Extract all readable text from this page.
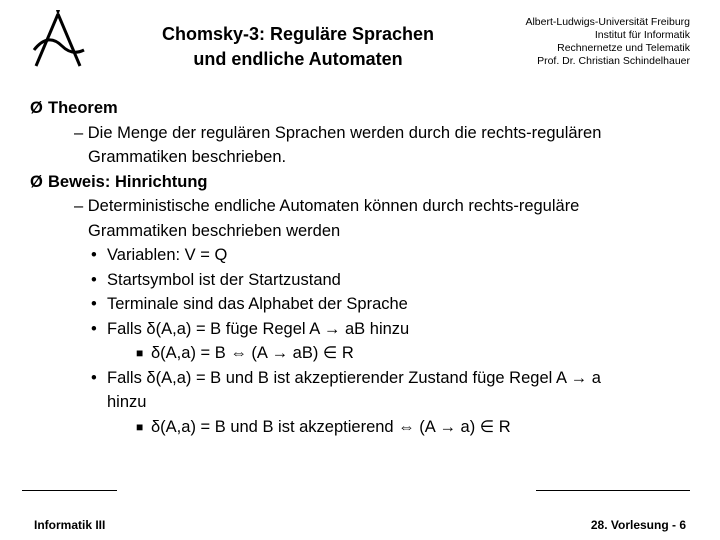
Chomsky-3: Reguläre Sprachen
und endliche Automaten
Albert-Ludwigs-Universität Freiburg
Institut für Informatik
Rechnernetze und Telematik
Prof. Dr. Christian Schindelhauer
Ø Theorem
– Die Menge der regulären Sprachen werden durch die rechts-regulären
Grammatiken beschrieben.
Ø Beweis: Hinrichtung
– Deterministische endliche Automaten können durch rechts-reguläre
Grammatiken beschrieben werden
• Variablen: V = Q
• Startsymbol ist der Startzustand
• Terminale sind das Alphabet der Sprache
• Falls δ(A,a) = B füge Regel A → aB hinzu
■ δ(A,a) = B ⇔ (A → aB) ∈ R
• Falls δ(A,a) = B und B ist akzeptierender Zustand füge Regel A → a
hinzu
■ δ(A,a) = B und B ist akzeptierend ⇔ (A → a) ∈ R
Informatik III	28. Vorlesung - 6
